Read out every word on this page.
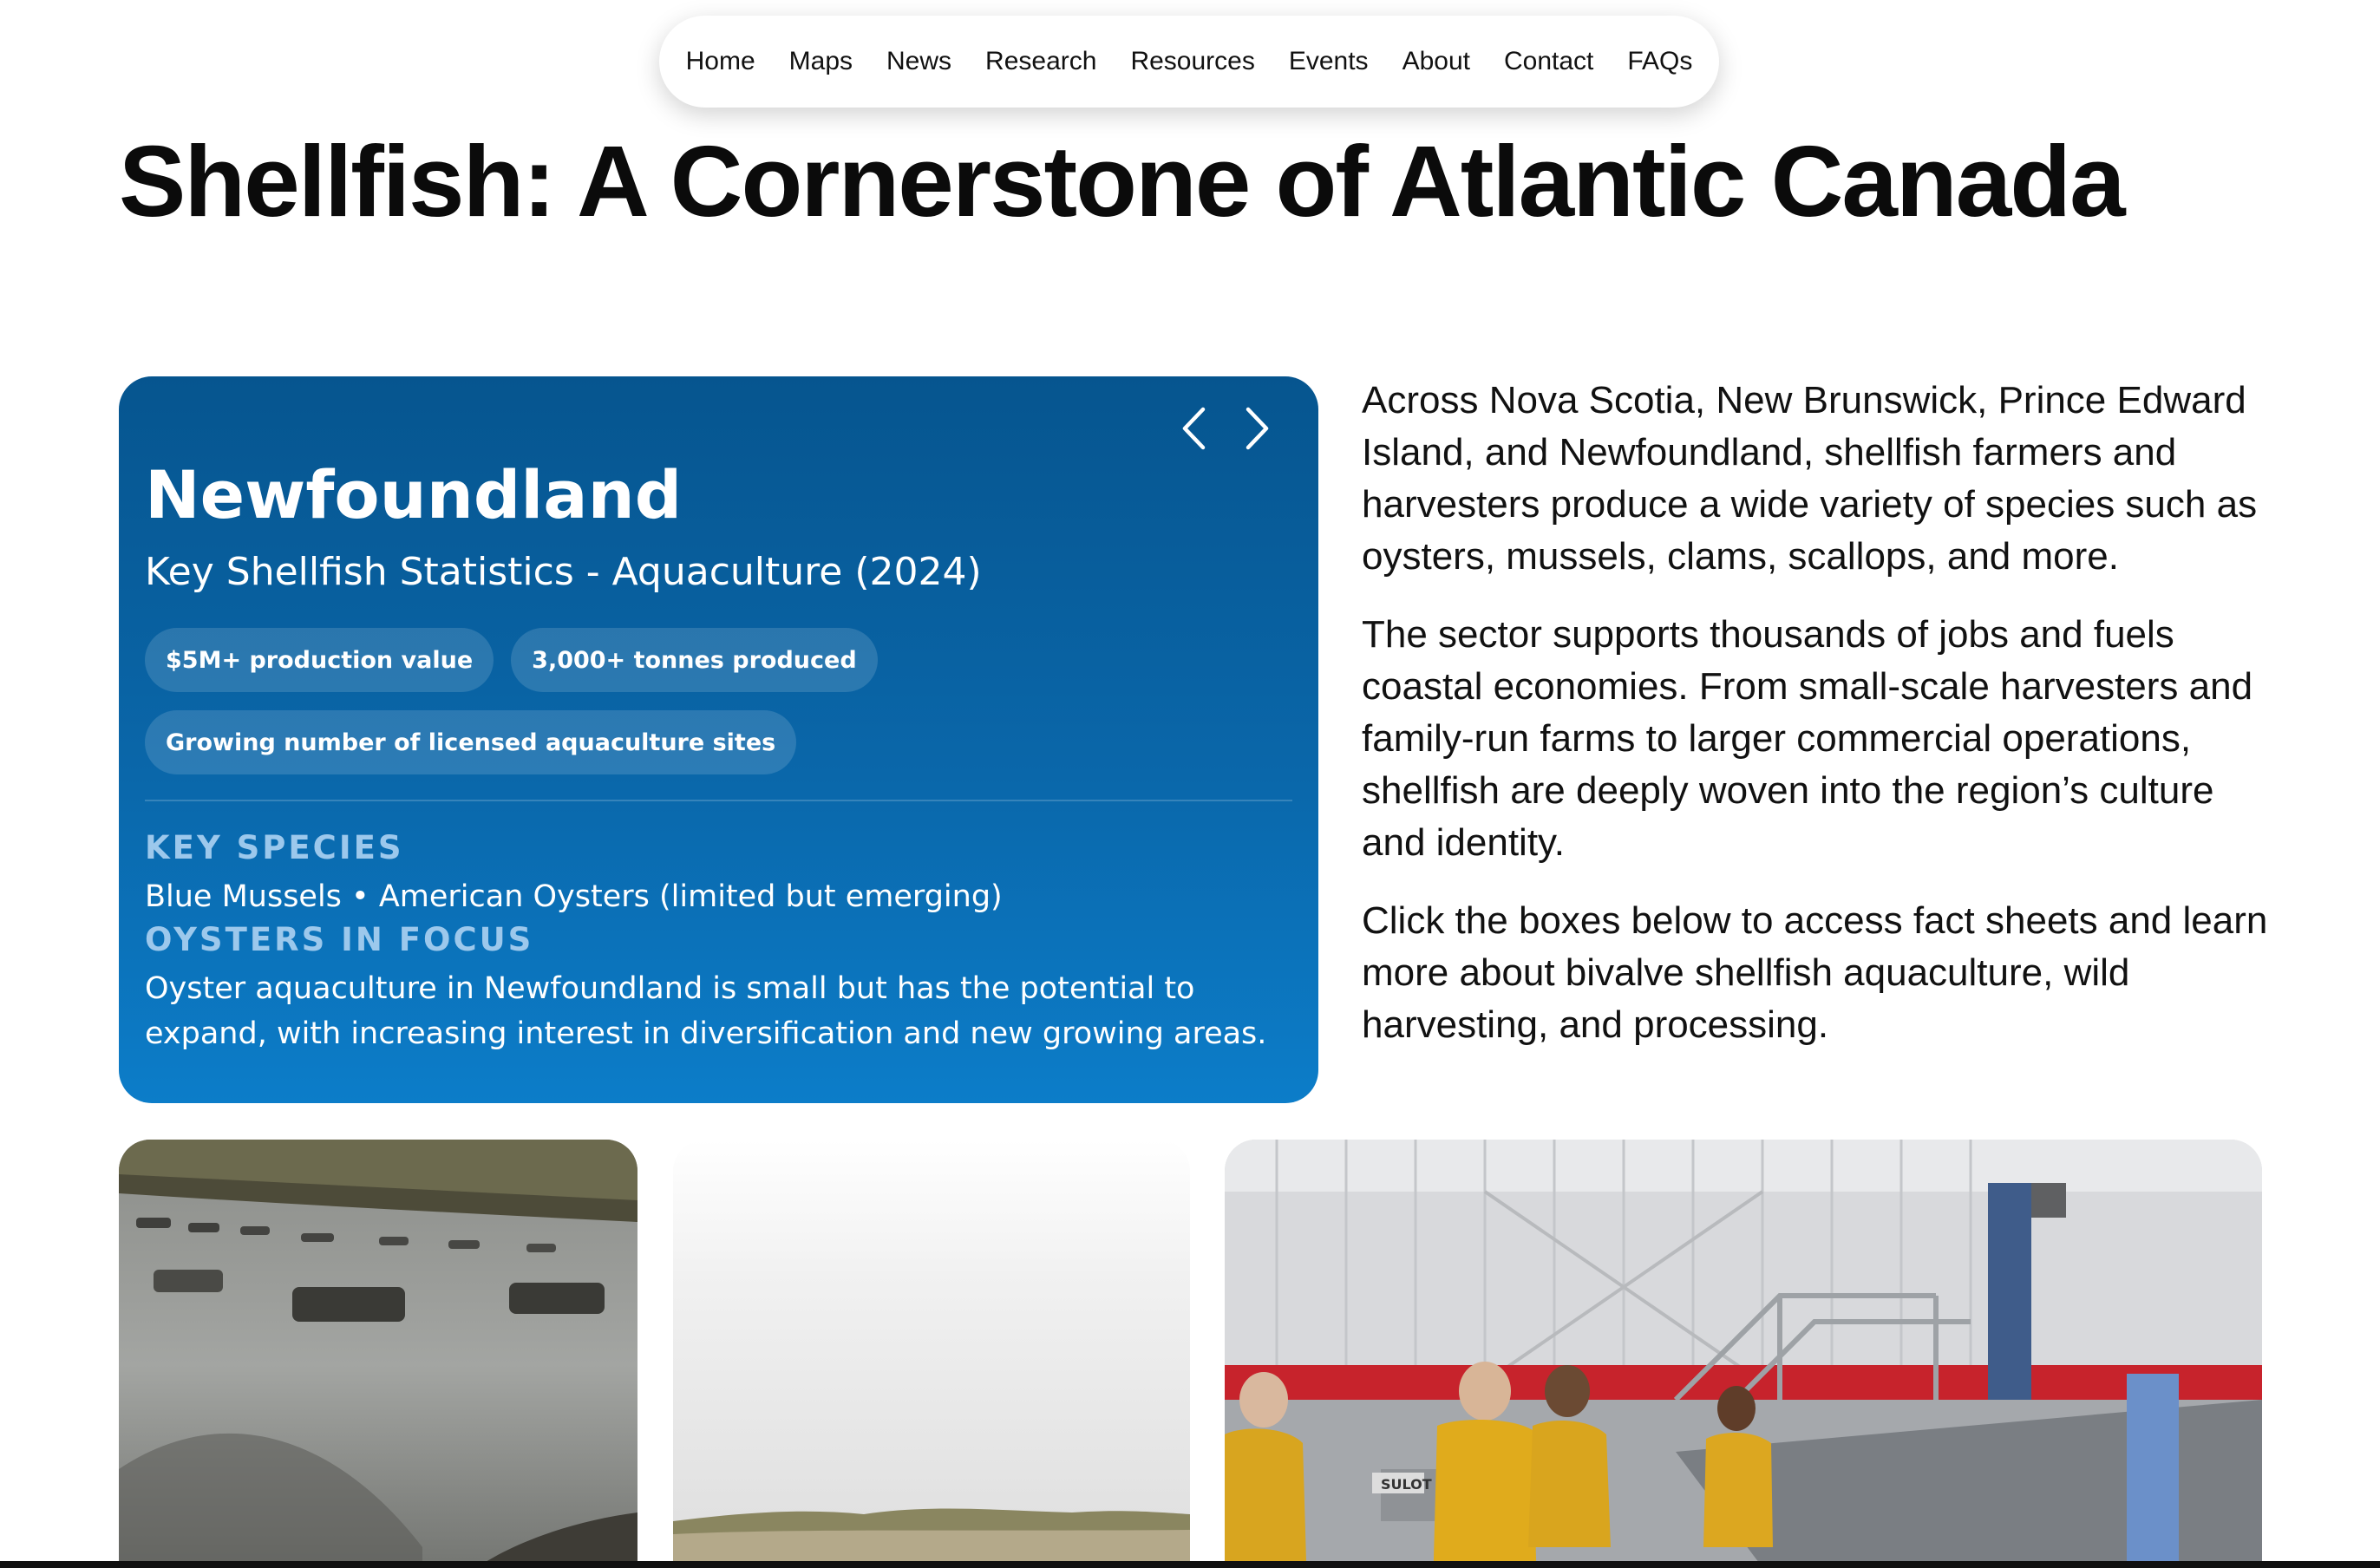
Home Maps News Research Resources Events About Contact FAQs
Shellfish: A Cornerstone of Atlantic Canada
Newfoundland
Key Shellfish Statistics - Aquaculture (2024)
$5M+ production value	3,000+ tonnes produced
Growing number of licensed aquaculture sites
KEY SPECIES

Blue Mussels • American Oysters (limited but emerging)

OYSTERS IN FOCUS

Oyster aquaculture in Newfoundland is small but has the potential to expand, with increasing interest in diversification and new growing areas.

Across Nova Scotia, New Brunswick, Prince Edward Island, and Newfoundland, shellfish farmers and harvesters produce a wide variety of species such as oysters, mussels, clams, scallops, and more.

The sector supports thousands of jobs and fuels coastal economies. From small-scale harvesters and family-run farms to larger commercial operations, shellfish are deeply woven into the region’s culture and identity.

Click the boxes below to access fact sheets and learn more about bivalve shellfish aquaculture, wild harvesting, and processing.

SULOT
